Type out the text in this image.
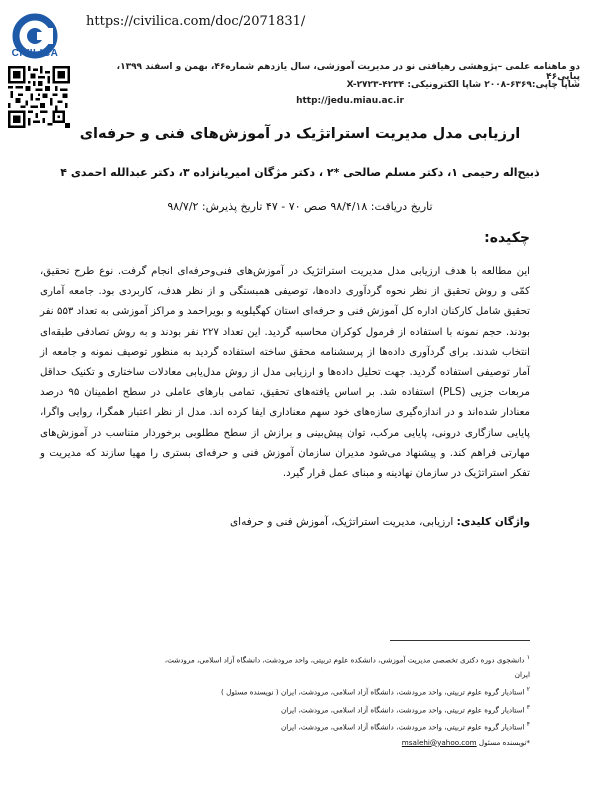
CIVILICA
https://civilica.com/doc/2071831/
دو ماهنامه علمی –پژوهشی رهیافتی نو در مدیریت آموزشی، سال یازدهم شماره۴۶، بهمن و اسفند ۱۳۹۹، پیاپی۴۶
شاپا چاپی:۶۳۶۹-۲۰۰۸ شاپا الکترونیکی: X-۲۷۲۳-۴۲۳۴
http://jedu.miau.ac.ir
ارزیابی مدل مدیریت استراتژیک در آموزش‌های فنی و حرفه‌ای
ذبیح‌اله رحیمی ۱، دکتر مسلم صالحی *۲ ، دکتر مژگان امیریانزاده ۳، دکتر عبدالله احمدی ۴
تاریخ دریافت: ۹۸/۴/۱۸ صص ۷۰ - ۴۷ تاریخ پذیرش: ۹۸/۷/۲
چکیده:
این مطالعه با هدف ارزیابی مدل مدیریت استراتژیک در آموزش‌های فنی‌وحرفه‌ای انجام گرفت. نوع طرح تحقیق، کمّی و روش تحقیق از نظر نحوه گردآوری داده‌ها، توصیفی همبستگی و از نظر هدف، کاربردی بود. جامعه آماری تحقیق شامل کارکنان اداره کل آموزش فنی و حرفه‌ای استان کهگیلویه و بویراحمد و مراکز آموزشی به تعداد ۵۵۳ نفر بودند. حجم نمونه با استفاده از فرمول کوکران محاسبه گردید. این تعداد ۲۲۷ نفر بودند و به روش تصادفی طبقه‌ای انتخاب شدند. برای گردآوری داده‌ها از پرسشنامه محقق ساخته استفاده گردید به منظور توصیف نمونه و جامعه از آمار توصیفی استفاده گردید. جهت تحلیل داده‌ها و ارزیابی مدل از روش مدل‌یابی معادلات ساختاری و تکنیک حداقل مربعات جزیی (PLS) استفاده شد. بر اساس یافته‌های تحقیق، تمامی بارهای عاملی در سطح اطمینان ۹۵ درصد معنادار شده‌اند و در اندازه‌گیری سازه‌های خود سهم معناداری ایفا کرده اند. مدل از نظر اعتبار همگرا، روایی واگرا، پایایی سازگاری درونی، پایایی مرکب، توان پیش‌بینی و برازش از سطح مطلوبی برخوردار متناسب در آموزش‌های مهارتی فراهم کند. و پیشنهاد می‌شود مدیران سازمان آموزش فنی و حرفه‌ای بستری را مهیا سازند که مدیریت و تفکر استراتژیک در سازمان نهادینه و مبنای عمل قرار گیرد.
واژگان کلیدی: ارزیابی، مدیریت استراتژیک، آموزش فنی و حرفه‌ای
$^۱$ دانشجوی دوره دکتری تخصصی مدیریت آموزشی، دانشکده علوم تربیتی، واحد مرودشت، دانشگاه آزاد اسلامی، مرودشت، ایران
$^۲$ استادیار گروه علوم تربیتی، واحد مرودشت، دانشگاه آزاد اسلامی، مرودشت، ایران ( نویسنده مسئول )
$^۳$ استادیار گروه علوم تربیتی، واحد مرودشت، دانشگاه آزاد اسلامی، مرودشت، ایران
$^۴$ استادیار گروه علوم تربیتی، واحد مرودشت، دانشگاه آزاد اسلامی، مرودشت، ایران
*نویسنده مسئول msalehi@yahoo.com
